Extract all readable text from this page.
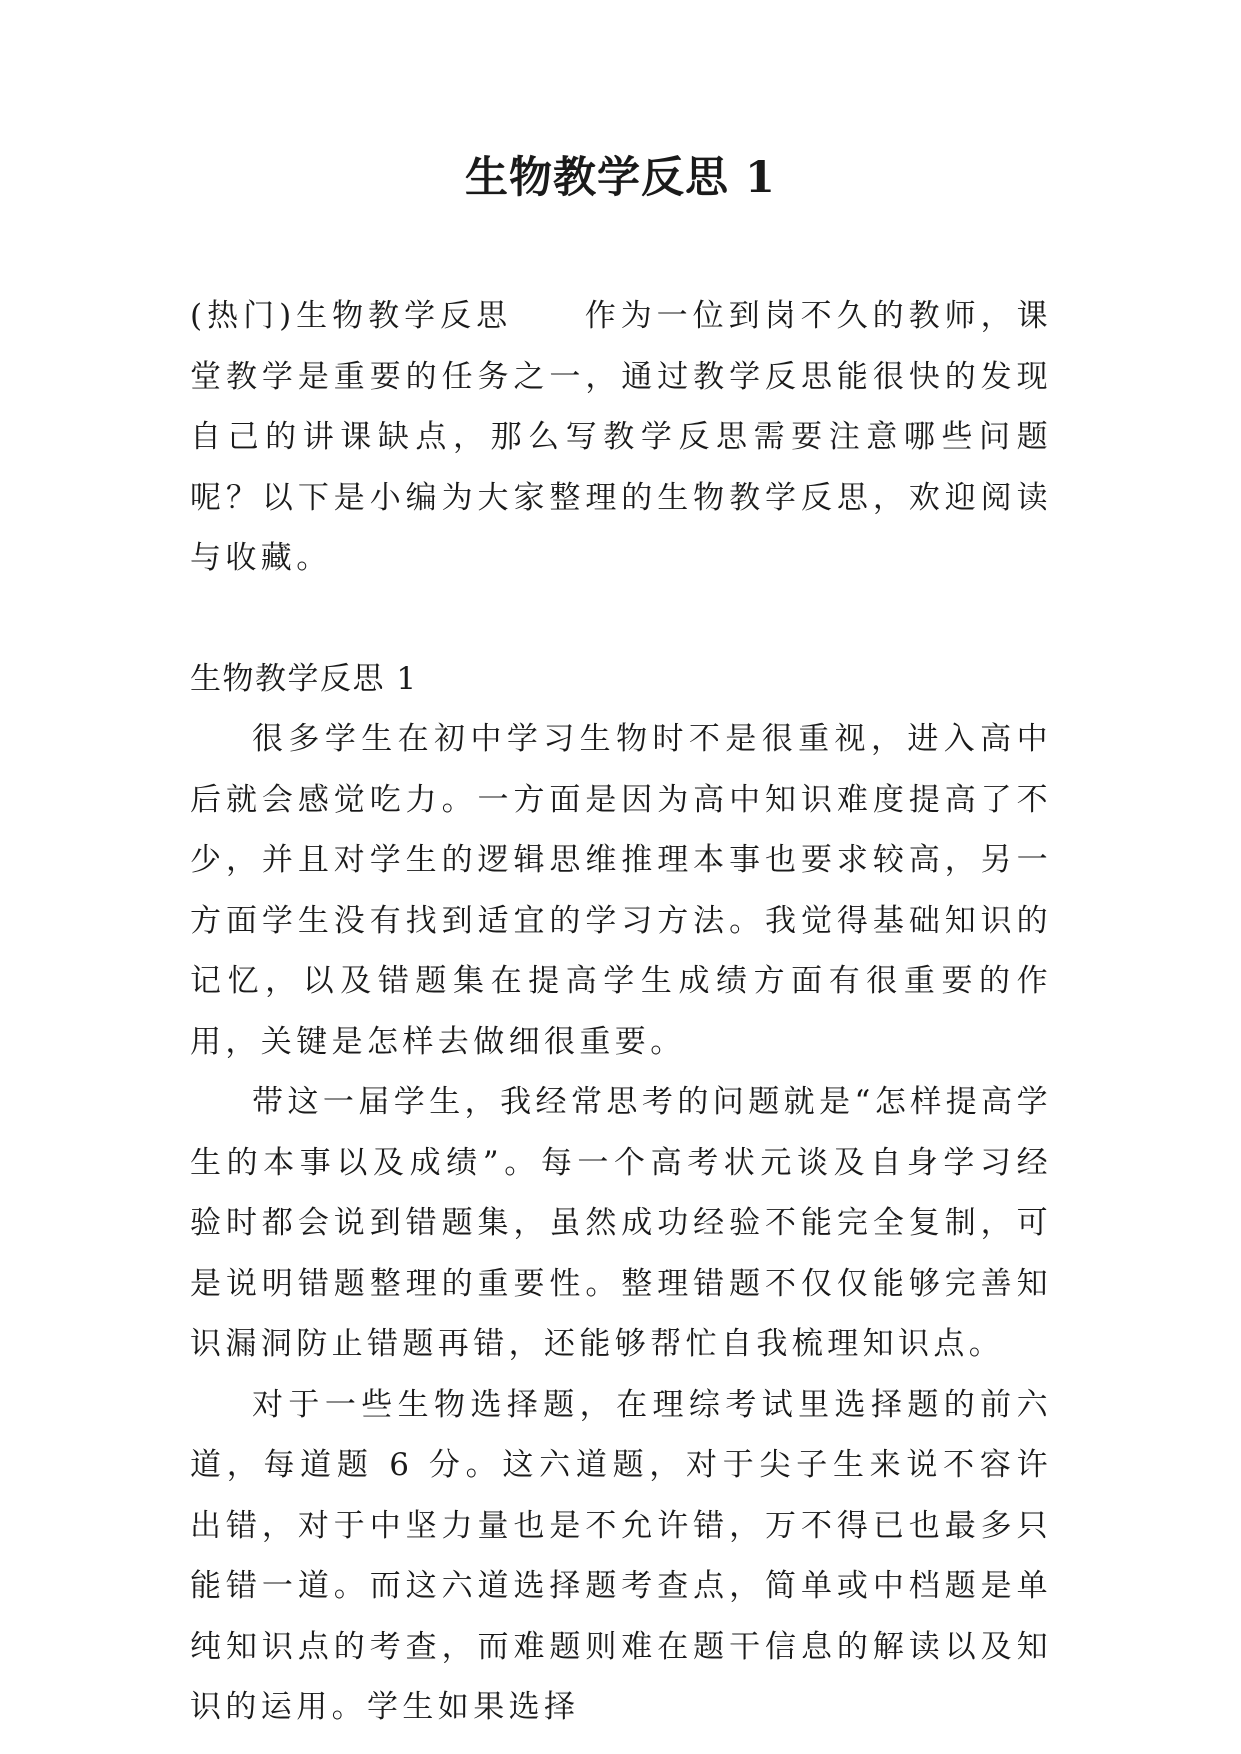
生物教学反思 1

(热门)生物教学反思 作为一位到岗不久的教师，课堂教学是重要的任务之一，通过教学反思能很快的发现自己的讲课缺点，那么写教学反思需要注意哪些问题呢？以下是小编为大家整理的生物教学反思，欢迎阅读与收藏。

生物教学反思 1

很多学生在初中学习生物时不是很重视，进入高中后就会感觉吃力。一方面是因为高中知识难度提高了不少，并且对学生的逻辑思维推理本事也要求较高，另一方面学生没有找到适宜的学习方法。我觉得基础知识的记忆，以及错题集在提高学生成绩方面有很重要的作用，关键是怎样去做细很重要。

带这一届学生，我经常思考的问题就是“怎样提高学生的本事以及成绩”。每一个高考状元谈及自身学习经验时都会说到错题集，虽然成功经验不能完全复制，可是说明错题整理的重要性。整理错题不仅仅能够完善知识漏洞防止错题再错，还能够帮忙自我梳理知识点。

对于一些生物选择题，在理综考试里选择题的前六道，每道题 6 分。这六道题，对于尖子生来说不容许出错，对于中坚力量也是不允许错，万不得已也最多只能错一道。而这六道选择题考查点，简单或中档题是单纯知识点的考查，而难题则难在题干信息的解读以及知识的运用。学生如果选择
